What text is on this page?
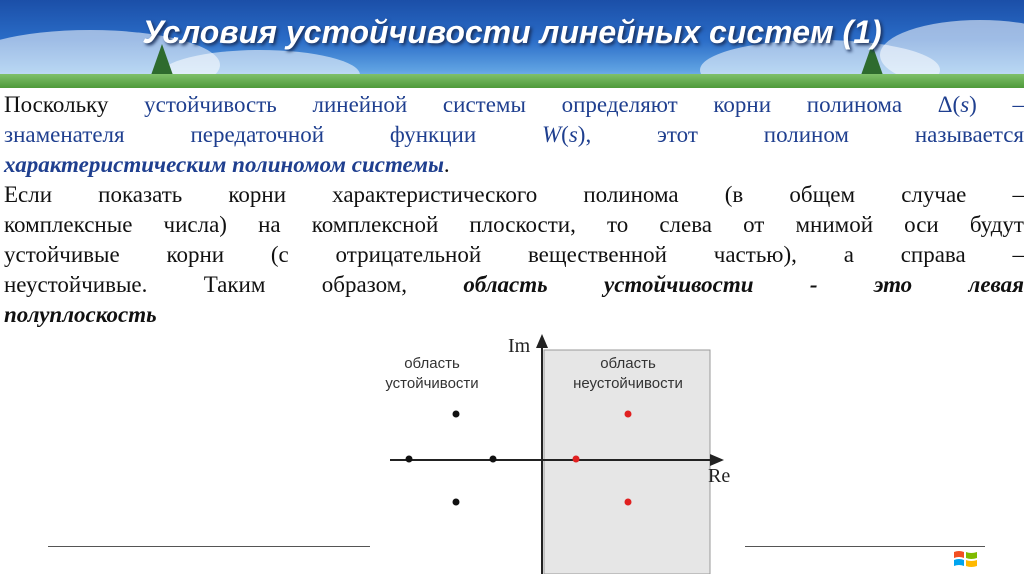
Условия устойчивости линейных систем (1)

Поскольку устойчивость линейной системы определяют корни полинома Δ(s) –

знаменателя передаточной функции W(s), этот полином называется

характеристическим полиномом системы.

Если показать корни характеристического полинома (в общем случае –

комплексные числа) на комплексной плоскости, то слева от мнимой оси будут

устойчивые корни (с отрицательной вещественной частью), а справа –

неустойчивые. Таким образом, область устойчивости - это левая

полуплоскость

Im
Re
область
устойчивости
область
неустойчивости
